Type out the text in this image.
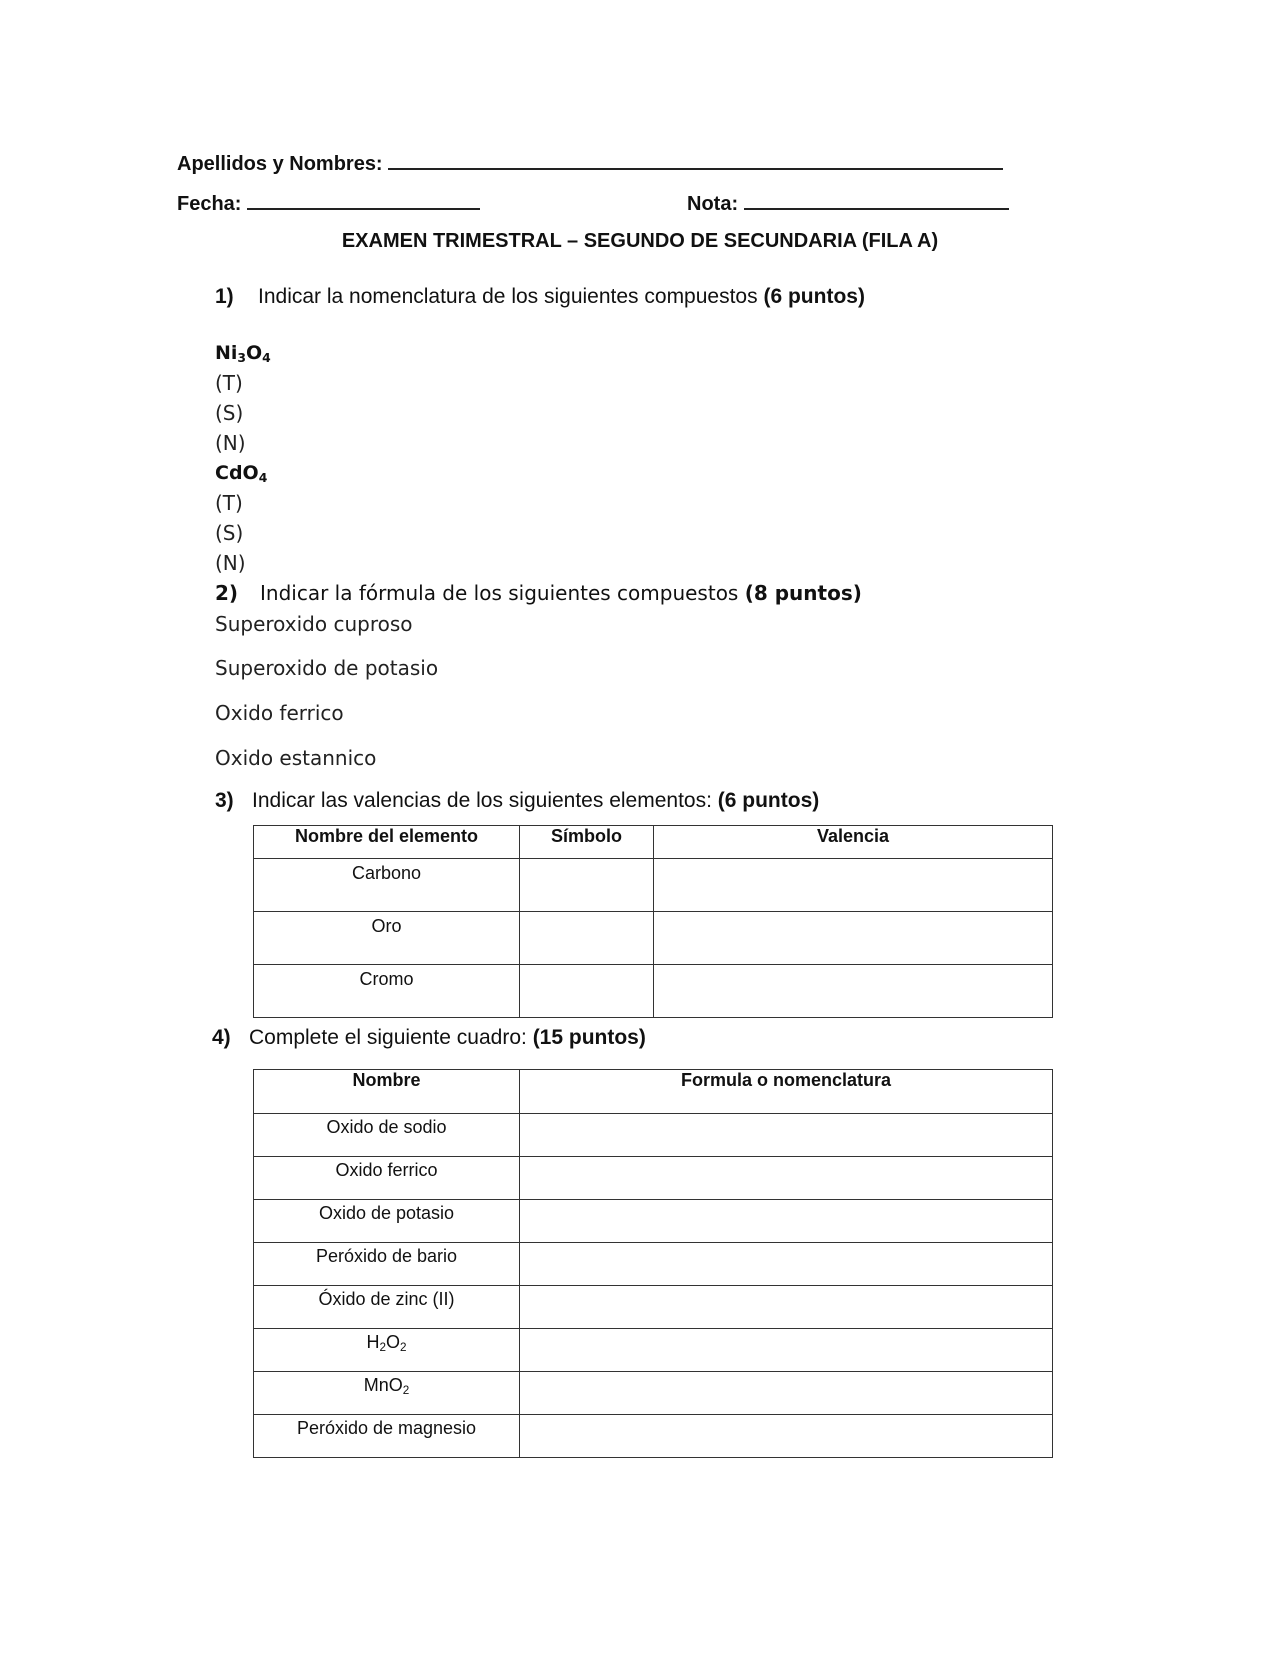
Apellidos y Nombres:
Fecha:	Nota:
EXAMEN TRIMESTRAL – SEGUNDO DE SECUNDARIA (FILA A)
1) Indicar la nomenclatura de los siguientes compuestos (6 puntos)
$Ni_3O_4$
(T)
(S)
(N)
CdO$_4$
(T)
(S)
(N)
2) Indicar la fórmula de los siguientes compuestos (8 puntos)
Superoxido cuproso
Superoxido de potasio
Oxido ferrico
Oxido estannico
3) Indicar las valencias de los siguientes elementos: (6 puntos)
Nombre del elemento	Símbolo	Valencia
Carbono		
Oro		
Cromo		
4) Complete el siguiente cuadro: (15 puntos)
Nombre	Formula o nomenclatura
Oxido de sodio	
Oxido ferrico	
Oxido de potasio	
Peróxido de bario	
Óxido de zinc (II)	
$H_2O_2$	
MnO$_2$	
Peróxido de magnesio	
